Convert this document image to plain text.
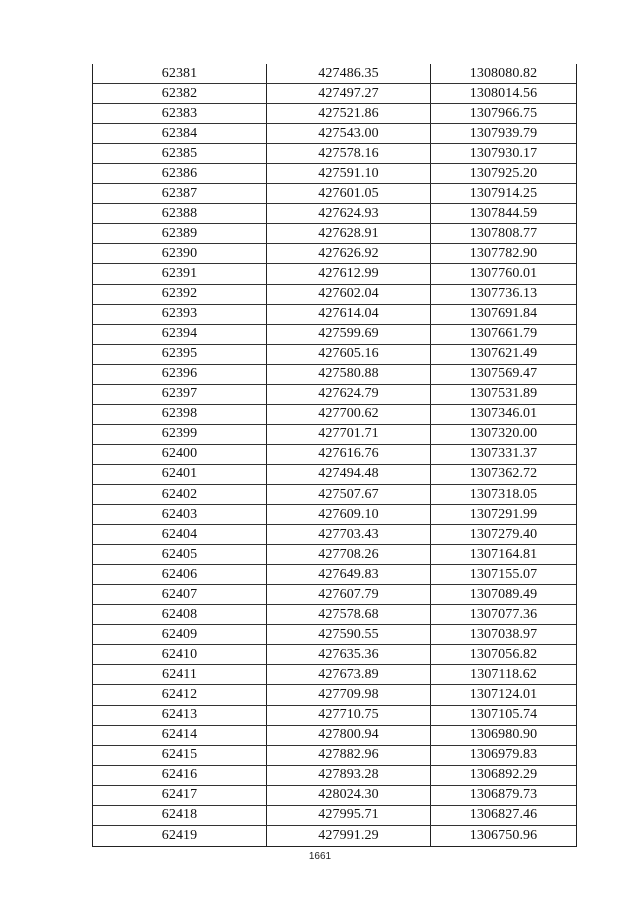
62381	427486.35	1308080.82
62382	427497.27	1308014.56
62383	427521.86	1307966.75
62384	427543.00	1307939.79
62385	427578.16	1307930.17
62386	427591.10	1307925.20
62387	427601.05	1307914.25
62388	427624.93	1307844.59
62389	427628.91	1307808.77
62390	427626.92	1307782.90
62391	427612.99	1307760.01
62392	427602.04	1307736.13
62393	427614.04	1307691.84
62394	427599.69	1307661.79
62395	427605.16	1307621.49
62396	427580.88	1307569.47
62397	427624.79	1307531.89
62398	427700.62	1307346.01
62399	427701.71	1307320.00
62400	427616.76	1307331.37
62401	427494.48	1307362.72
62402	427507.67	1307318.05
62403	427609.10	1307291.99
62404	427703.43	1307279.40
62405	427708.26	1307164.81
62406	427649.83	1307155.07
62407	427607.79	1307089.49
62408	427578.68	1307077.36
62409	427590.55	1307038.97
62410	427635.36	1307056.82
62411	427673.89	1307118.62
62412	427709.98	1307124.01
62413	427710.75	1307105.74
62414	427800.94	1306980.90
62415	427882.96	1306979.83
62416	427893.28	1306892.29
62417	428024.30	1306879.73
62418	427995.71	1306827.46
62419	427991.29	1306750.96
1661
